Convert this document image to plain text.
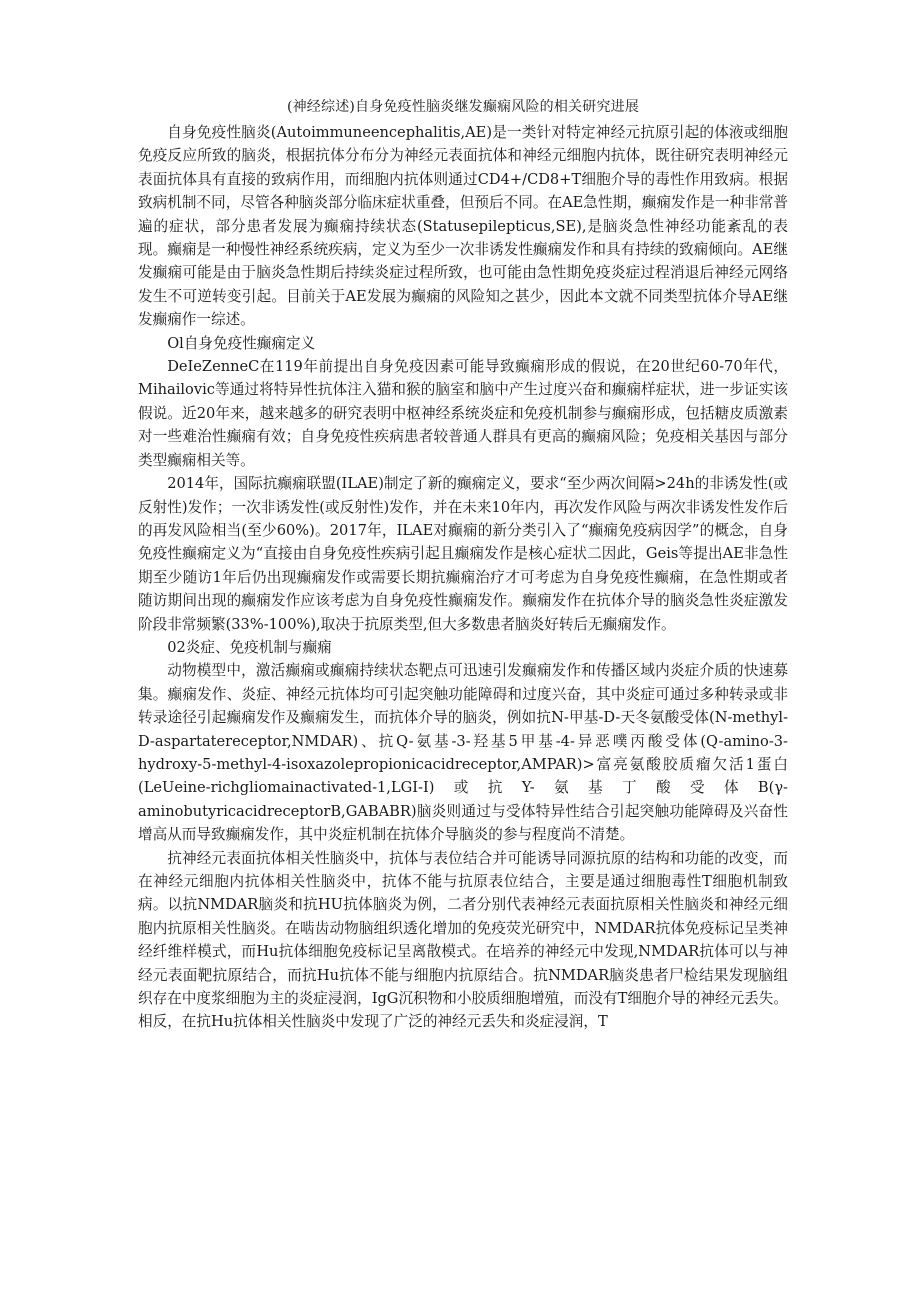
(神经综述)自身免疫性脑炎继发癫痫风险的相关研究进展

自身免疫性脑炎(Autoimmuneencephalitis,AE)是一类针对特定神经元抗原引起的体液或细胞免疫反应所致的脑炎，根据抗体分布分为神经元表面抗体和神经元细胞内抗体，既往研究表明神经元表面抗体具有直接的致病作用，而细胞内抗体则通过CD4+/CD8+T细胞介导的毒性作用致病。根据致病机制不同，尽管各种脑炎部分临床症状重叠，但预后不同。在AE急性期，癫痫发作是一种非常普遍的症状，部分患者发展为癫痫持续状态(Statusepilepticus,SE),是脑炎急性神经功能紊乱的表现。癫痫是一种慢性神经系统疾病，定义为至少一次非诱发性癫痫发作和具有持续的致痫倾向。AE继发癫痫可能是由于脑炎急性期后持续炎症过程所致，也可能由急性期免疫炎症过程消退后神经元网络发生不可逆转变引起。目前关于AE发展为癫痫的风险知之甚少，因此本文就不同类型抗体介导AE继发癫痫作一综述。

Ol自身免疫性癫痫定义

DeIeZenneC在119年前提出自身免疫因素可能导致癫痫形成的假说，在20世纪60-70年代，Mihailovic等通过将特异性抗体注入猫和猴的脑室和脑中产生过度兴奋和癫痫样症状，进一步证实该假说。近20年来，越来越多的研究表明中枢神经系统炎症和免疫机制参与癫痫形成，包括糖皮质激素对一些难治性癫痫有效；自身免疫性疾病患者较普通人群具有更高的癫痫风险；免疫相关基因与部分类型癫痫相关等。

2014年，国际抗癫痫联盟(ILAE)制定了新的癫痫定义，要求“至少两次间隔>24h的非诱发性(或反射性)发作；一次非诱发性(或反射性)发作，并在未来10年内，再次发作风险与两次非诱发性发作后的再发风险相当(至少60%)。2017年，ILAE对癫痫的新分类引入了“癫痫免疫病因学”的概念，自身免疫性癫痫定义为“直接由自身免疫性疾病引起且癫痫发作是核心症状二因此，Geis等提出AE非急性期至少随访1年后仍出现癫痫发作或需要长期抗癫痫治疗才可考虑为自身免疫性癫痫，在急性期或者随访期间出现的癫痫发作应该考虑为自身免疫性癫痫发作。癫痫发作在抗体介导的脑炎急性炎症激发阶段非常频繁(33%-100%),取决于抗原类型,但大多数患者脑炎好转后无癫痫发作。

02炎症、免疫机制与癫痫

动物模型中，激活癫痫或癫痫持续状态靶点可迅速引发癫痫发作和传播区域内炎症介质的快速募集。癫痫发作、炎症、神经元抗体均可引起突触功能障碍和过度兴奋，其中炎症可通过多种转录或非转录途径引起癫痫发作及癫痫发生，而抗体介导的脑炎，例如抗N-甲基-D-天冬氨酸受体(N-methyl-D-aspartatereceptor,NMDAR)、抗Q-氨基-3-羟基5甲基-4-异恶噗丙酸受体(Q-amino-3-hydroxy-5-methyl-4-isoxazolepropionicacidreceptor,AMPAR)>富亮氨酸胶质瘤欠活1蛋白(LeUeine-richgliomainactivated-1,LGI-I)或抗Y-氨基丁酸受体B(γ-aminobutyricacidreceptorB,GABABR)脑炎则通过与受体特异性结合引起突触功能障碍及兴奋性增高从而导致癫痫发作，其中炎症机制在抗体介导脑炎的参与程度尚不清楚。

抗神经元表面抗体相关性脑炎中，抗体与表位结合并可能诱导同源抗原的结构和功能的改变，而在神经元细胞内抗体相关性脑炎中，抗体不能与抗原表位结合，主要是通过细胞毒性T细胞机制致病。以抗NMDAR脑炎和抗HU抗体脑炎为例，二者分别代表神经元表面抗原相关性脑炎和神经元细胞内抗原相关性脑炎。在啮齿动物脑组织透化增加的免疫荧光研究中，NMDAR抗体免疫标记呈类神经纤维样模式，而Hu抗体细胞免疫标记呈离散模式。在培养的神经元中发现,NMDAR抗体可以与神经元表面靶抗原结合，而抗Hu抗体不能与细胞内抗原结合。抗NMDAR脑炎患者尸检结果发现脑组织存在中度浆细胞为主的炎症浸润，IgG沉积物和小胶质细胞增殖，而没有T细胞介导的神经元丢失。相反，在抗Hu抗体相关性脑炎中发现了广泛的神经元丢失和炎症浸润，T
